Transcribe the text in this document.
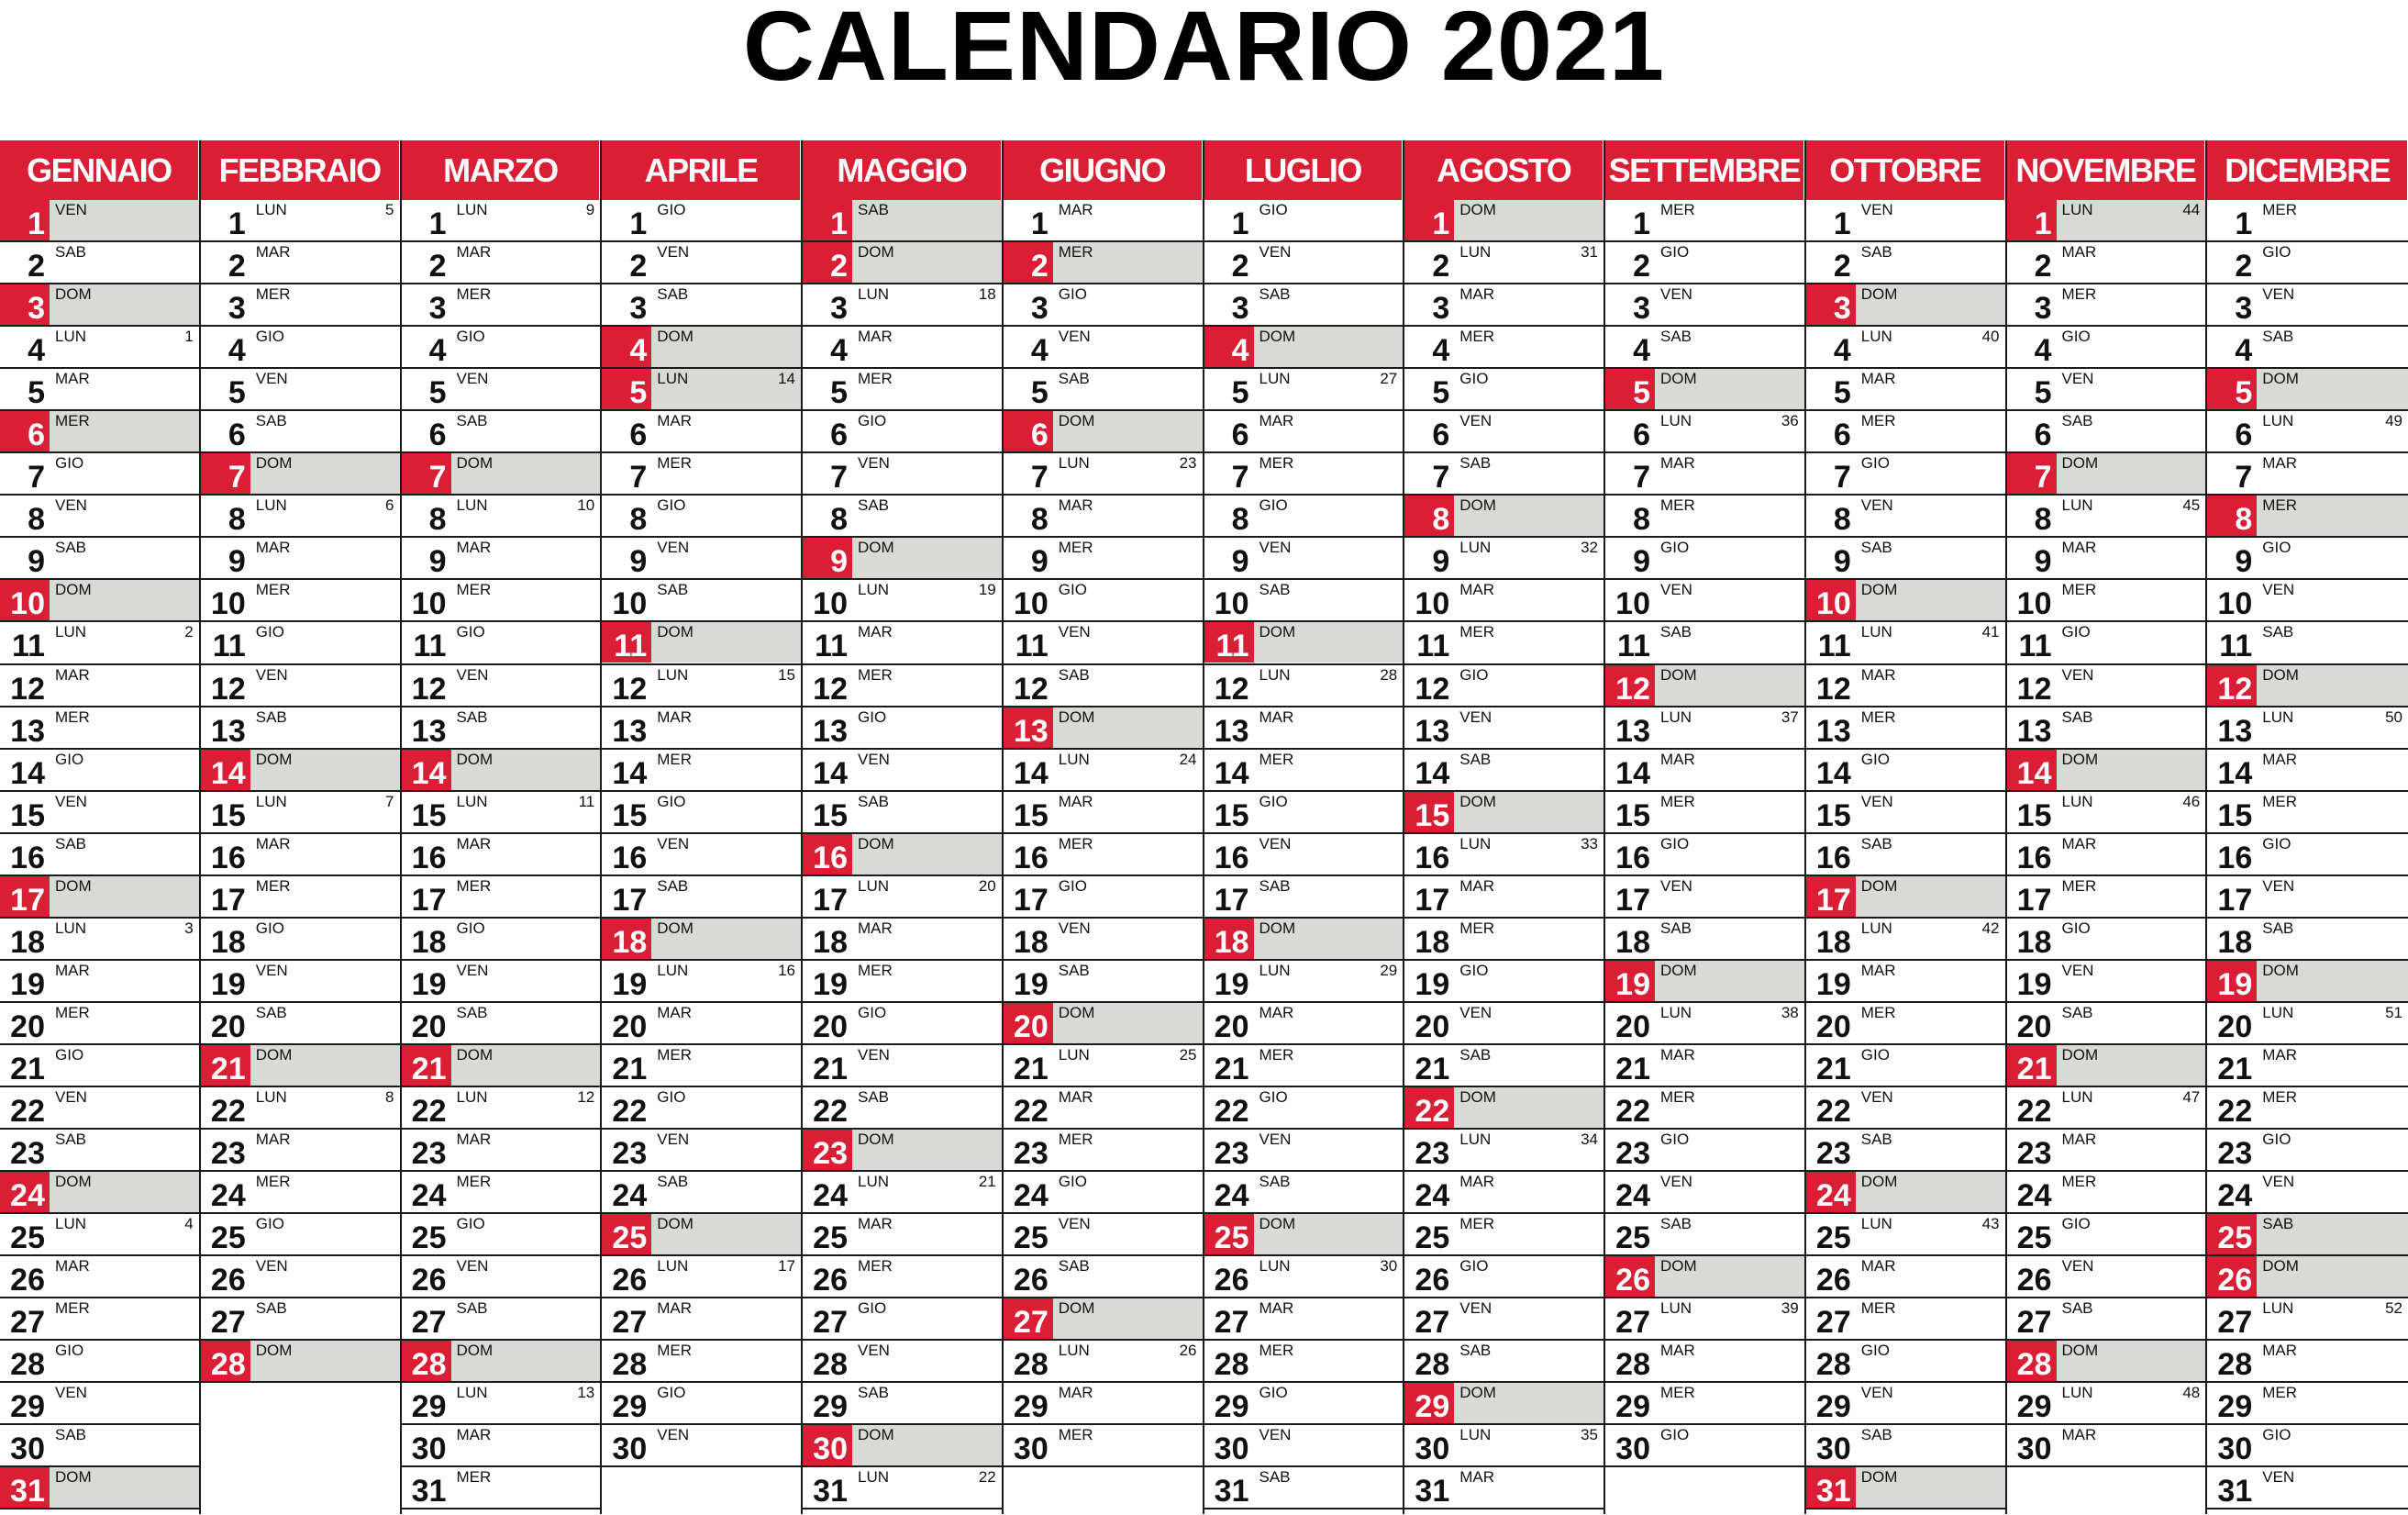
CALENDARIO 2021
GENNAIO
1 VEN
2 SAB
3 DOM
4 LUN	1
5 MAR
6 MER
7 GIO
8 VEN
9 SAB
10 DOM
11 LUN	2
12 MAR
13 MER
14 GIO
15 VEN
16 SAB
17 DOM
18 LUN	3
19 MAR
20 MER
21 GIO
22 VEN
23 SAB
24 DOM
25 LUN	4
26 MAR
27 MER
28 GIO
29 VEN
30 SAB
31 DOM
FEBBRAIO
1 LUN	5
2 MAR
3 MER
4 GIO
5 VEN
6 SAB
7 DOM
8 LUN	6
9 MAR
10 MER
11 GIO
12 VEN
13 SAB
14 DOM
15 LUN	7
16 MAR
17 MER
18 GIO
19 VEN
20 SAB
21 DOM
22 LUN	8
23 MAR
24 MER
25 GIO
26 VEN
27 SAB
28 DOM
MARZO
1 LUN	9
2 MAR
3 MER
4 GIO
5 VEN
6 SAB
7 DOM
8 LUN	10
9 MAR
10 MER
11 GIO
12 VEN
13 SAB
14 DOM
15 LUN	11
16 MAR
17 MER
18 GIO
19 VEN
20 SAB
21 DOM
22 LUN	12
23 MAR
24 MER
25 GIO
26 VEN
27 SAB
28 DOM
29 LUN	13
30 MAR
31 MER
APRILE
1 GIO
2 VEN
3 SAB
4 DOM
5 LUN	14
6 MAR
7 MER
8 GIO
9 VEN
10 SAB
11 DOM
12 LUN	15
13 MAR
14 MER
15 GIO
16 VEN
17 SAB
18 DOM
19 LUN	16
20 MAR
21 MER
22 GIO
23 VEN
24 SAB
25 DOM
26 LUN	17
27 MAR
28 MER
29 GIO
30 VEN
MAGGIO
1 SAB
2 DOM
3 LUN	18
4 MAR
5 MER
6 GIO
7 VEN
8 SAB
9 DOM
10 LUN	19
11 MAR
12 MER
13 GIO
14 VEN
15 SAB
16 DOM
17 LUN	20
18 MAR
19 MER
20 GIO
21 VEN
22 SAB
23 DOM
24 LUN	21
25 MAR
26 MER
27 GIO
28 VEN
29 SAB
30 DOM
31 LUN	22
GIUGNO
1 MAR
2 MER
3 GIO
4 VEN
5 SAB
6 DOM
7 LUN	23
8 MAR
9 MER
10 GIO
11 VEN
12 SAB
13 DOM
14 LUN	24
15 MAR
16 MER
17 GIO
18 VEN
19 SAB
20 DOM
21 LUN	25
22 MAR
23 MER
24 GIO
25 VEN
26 SAB
27 DOM
28 LUN	26
29 MAR
30 MER
LUGLIO
1 GIO
2 VEN
3 SAB
4 DOM
5 LUN	27
6 MAR
7 MER
8 GIO
9 VEN
10 SAB
11 DOM
12 LUN	28
13 MAR
14 MER
15 GIO
16 VEN
17 SAB
18 DOM
19 LUN	29
20 MAR
21 MER
22 GIO
23 VEN
24 SAB
25 DOM
26 LUN	30
27 MAR
28 MER
29 GIO
30 VEN
31 SAB
AGOSTO
1 DOM
2 LUN	31
3 MAR
4 MER
5 GIO
6 VEN
7 SAB
8 DOM
9 LUN	32
10 MAR
11 MER
12 GIO
13 VEN
14 SAB
15 DOM
16 LUN	33
17 MAR
18 MER
19 GIO
20 VEN
21 SAB
22 DOM
23 LUN	34
24 MAR
25 MER
26 GIO
27 VEN
28 SAB
29 DOM
30 LUN	35
31 MAR
SETTEMBRE
1 MER
2 GIO
3 VEN
4 SAB
5 DOM
6 LUN	36
7 MAR
8 MER
9 GIO
10 VEN
11 SAB
12 DOM
13 LUN	37
14 MAR
15 MER
16 GIO
17 VEN
18 SAB
19 DOM
20 LUN	38
21 MAR
22 MER
23 GIO
24 VEN
25 SAB
26 DOM
27 LUN	39
28 MAR
29 MER
30 GIO
OTTOBRE
1 VEN
2 SAB
3 DOM
4 LUN	40
5 MAR
6 MER
7 GIO
8 VEN
9 SAB
10 DOM
11 LUN	41
12 MAR
13 MER
14 GIO
15 VEN
16 SAB
17 DOM
18 LUN	42
19 MAR
20 MER
21 GIO
22 VEN
23 SAB
24 DOM
25 LUN	43
26 MAR
27 MER
28 GIO
29 VEN
30 SAB
31 DOM
NOVEMBRE
1 LUN	44
2 MAR
3 MER
4 GIO
5 VEN
6 SAB
7 DOM
8 LUN	45
9 MAR
10 MER
11 GIO
12 VEN
13 SAB
14 DOM
15 LUN	46
16 MAR
17 MER
18 GIO
19 VEN
20 SAB
21 DOM
22 LUN	47
23 MAR
24 MER
25 GIO
26 VEN
27 SAB
28 DOM
29 LUN	48
30 MAR
DICEMBRE
1 MER
2 GIO
3 VEN
4 SAB
5 DOM
6 LUN	49
7 MAR
8 MER
9 GIO
10 VEN
11 SAB
12 DOM
13 LUN	50
14 MAR
15 MER
16 GIO
17 VEN
18 SAB
19 DOM
20 LUN	51
21 MAR
22 MER
23 GIO
24 VEN
25 SAB
26 DOM
27 LUN	52
28 MAR
29 MER
30 GIO
31 VEN
